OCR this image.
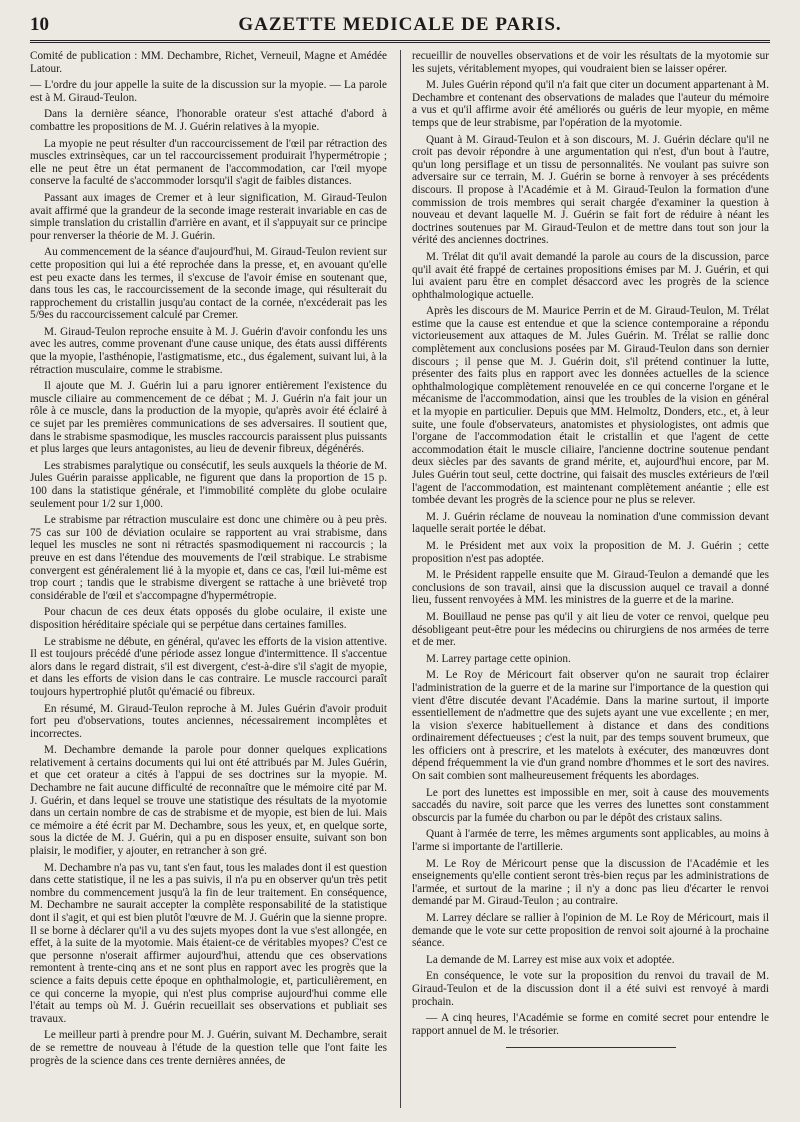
10	GAZETTE MEDICALE DE PARIS.

Comité de publication : MM. Dechambre, Richet, Verneuil, Magne et Amédée Latour.

— L'ordre du jour appelle la suite de la discussion sur la myopie. — La parole est à M. Giraud-Teulon.

Dans la dernière séance, l'honorable orateur s'est attaché d'abord à combattre les propositions de M. J. Guérin relatives à la myopie.

La myopie ne peut résulter d'un raccourcissement de l'œil par rétraction des muscles extrinsèques, car un tel raccourcissement produirait l'hypermétropie ; elle ne peut être un état permanent de l'accommodation, car l'œil myope conserve la faculté de s'accommoder lorsqu'il s'agit de faibles distances.

Passant aux images de Cremer et à leur signification, M. Giraud-Teulon avait affirmé que la grandeur de la seconde image resterait invariable en cas de simple translation du cristallin d'arrière en avant, et il s'appuyait sur ce principe pour renverser la théorie de M. J. Guérin.

Au commencement de la séance d'aujourd'hui, M. Giraud-Teulon revient sur cette proposition qui lui a été reprochée dans la presse, et, en avouant qu'elle est peu exacte dans les termes, il s'excuse de l'avoir émise en soutenant que, dans tous les cas, le raccourcissement de la seconde image, qui résulterait du rapprochement du cristallin jusqu'au contact de la cornée, n'excéderait pas les 5/9es du raccourcissement calculé par Cremer.

M. Giraud-Teulon reproche ensuite à M. J. Guérin d'avoir confondu les uns avec les autres, comme provenant d'une cause unique, des états aussi différents que la myopie, l'asthénopie, l'astigmatisme, etc., dus également, suivant lui, à la rétraction musculaire, comme le strabisme.

Il ajoute que M. J. Guérin lui a paru ignorer entièrement l'existence du muscle ciliaire au commencement de ce débat ; M. J. Guérin n'a fait jour un rôle à ce muscle, dans la production de la myopie, qu'après avoir été éclairé à ce sujet par les premières communications de ses adversaires. Il soutient que, dans le strabisme spasmodique, les muscles raccourcis paraissent plus puissants et plus larges que leurs antagonistes, au lieu de devenir fibreux, dégénérés.

Les strabismes paralytique ou consécutif, les seuls auxquels la théorie de M. Jules Guérin paraisse applicable, ne figurent que dans la proportion de 15 p. 100 dans la statistique générale, et l'immobilité complète du globe oculaire seulement pour 1/2 sur 1,000.

Le strabisme par rétraction musculaire est donc une chimère ou à peu près. 75 cas sur 100 de déviation oculaire se rapportent au vrai strabisme, dans lequel les muscles ne sont ni rétractés spasmodiquement ni raccourcis ; la preuve en est dans l'étendue des mouvements de l'œil strabique. Le strabisme convergent est généralement lié à la myopie et, dans ce cas, l'œil lui-même est trop court ; tandis que le strabisme divergent se rattache à une brièveté trop considérable de l'œil et s'accompagne d'hypermétropie.

Pour chacun de ces deux états opposés du globe oculaire, il existe une disposition héréditaire spéciale qui se perpétue dans certaines familles.

Le strabisme ne débute, en général, qu'avec les efforts de la vision attentive. Il est toujours précédé d'une période assez longue d'intermittence. Il s'accentue alors dans le regard distrait, s'il est divergent, c'est-à-dire s'il s'agit de myopie, et dans les efforts de vision dans le cas contraire. Le muscle raccourci paraît toujours hypertrophié plutôt qu'émacié ou fibreux.

En résumé, M. Giraud-Teulon reproche à M. Jules Guérin d'avoir produit fort peu d'observations, toutes anciennes, nécessairement incomplètes et incorrectes.

M. Dechambre demande la parole pour donner quelques explications relativement à certains documents qui lui ont été attribués par M. Jules Guérin, et que cet orateur a cités à l'appui de ses doctrines sur la myopie. M. Dechambre ne fait aucune difficulté de reconnaître que le mémoire cité par M. J. Guérin, et dans lequel se trouve une statistique des résultats de la myotomie dans un certain nombre de cas de strabisme et de myopie, est bien de lui. Mais ce mémoire a été écrit par M. Dechambre, sous les yeux, et, en quelque sorte, sous la dictée de M. J. Guérin, qui a pu en disposer ensuite, suivant son bon plaisir, le modifier, y ajouter, en retrancher à son gré.

M. Dechambre n'a pas vu, tant s'en faut, tous les malades dont il est question dans cette statistique, il ne les a pas suivis, il n'a pu en observer qu'un très petit nombre du commencement jusqu'à la fin de leur traitement. En conséquence, M. Dechambre ne saurait accepter la complète responsabilité de la statistique dont il s'agit, et qui est bien plutôt l'œuvre de M. J. Guérin que la sienne propre. Il se borne à déclarer qu'il a vu des sujets myopes dont la vue s'est allongée, en effet, à la suite de la myotomie. Mais étaient-ce de véritables myopes? C'est ce que personne n'oserait affirmer aujourd'hui, attendu que ces observations remontent à trente-cinq ans et ne sont plus en rapport avec les progrès que la science a faits depuis cette époque en ophthalmologie, et, particulièrement, en ce qui concerne la myopie, qui n'est plus comprise aujourd'hui comme elle l'était au temps où M. J. Guérin recueillait ses observations et publiait ses travaux.

Le meilleur parti à prendre pour M. J. Guérin, suivant M. Dechambre, serait de se remettre de nouveau à l'étude de la question telle que l'ont faite les progrès de la science dans ces trente dernières années, de

recueillir de nouvelles observations et de voir les résultats de la myotomie sur les sujets, véritablement myopes, qui voudraient bien se laisser opérer.

M. Jules Guérin répond qu'il n'a fait que citer un document appartenant à M. Dechambre et contenant des observations de malades que l'auteur du mémoire a vus et qu'il affirme avoir été améliorés ou guéris de leur myopie, en même temps que de leur strabisme, par l'opération de la myotomie.

Quant à M. Giraud-Teulon et à son discours, M. J. Guérin déclare qu'il ne croit pas devoir répondre à une argumentation qui n'est, d'un bout à l'autre, qu'un long persiflage et un tissu de personnalités. Ne voulant pas suivre son adversaire sur ce terrain, M. J. Guérin se borne à renvoyer à ses précédents discours. Il propose à l'Académie et à M. Giraud-Teulon la formation d'une commission de trois membres qui serait chargée d'examiner la question à nouveau et devant laquelle M. J. Guérin se fait fort de réduire à néant les doctrines soutenues par M. Giraud-Teulon et de mettre dans tout son jour la vérité des anciennes doctrines.

M. Trélat dit qu'il avait demandé la parole au cours de la discussion, parce qu'il avait été frappé de certaines propositions émises par M. J. Guérin, et qui lui avaient paru être en complet désaccord avec les progrès de la science ophthalmologique actuelle.

Après les discours de M. Maurice Perrin et de M. Giraud-Teulon, M. Trélat estime que la cause est entendue et que la science contemporaine a répondu victorieusement aux attaques de M. Jules Guérin. M. Trélat se rallie donc complètement aux conclusions posées par M. Giraud-Teulon dans son dernier discours ; il pense que M. J. Guérin doit, s'il prétend continuer la lutte, présenter des faits plus en rapport avec les données actuelles de la science ophthalmologique complètement renouvelée en ce qui concerne l'organe et le mécanisme de l'accommodation, ainsi que les troubles de la vision en général et la myopie en particulier. Depuis que MM. Helmoltz, Donders, etc., et, à leur suite, une foule d'observateurs, anatomistes et physiologistes, ont admis que l'organe de l'accommodation était le cristallin et que l'agent de cette accommodation était le muscle ciliaire, l'ancienne doctrine soutenue pendant deux siècles par des savants de grand mérite, et, aujourd'hui encore, par M. Jules Guérin tout seul, cette doctrine, qui faisait des muscles extérieurs de l'œil l'agent de l'accommodation, est maintenant complètement anéantie ; elle est tombée devant les progrès de la science pour ne plus se relever.

M. J. Guérin réclame de nouveau la nomination d'une commission devant laquelle serait portée le débat.

M. le Président met aux voix la proposition de M. J. Guérin ; cette proposition n'est pas adoptée.

M. le Président rappelle ensuite que M. Giraud-Teulon a demandé que les conclusions de son travail, ainsi que la discussion auquel ce travail a donné lieu, fussent renvoyées à MM. les ministres de la guerre et de la marine.

M. Bouillaud ne pense pas qu'il y ait lieu de voter ce renvoi, quelque peu désobligeant peut-être pour les médecins ou chirurgiens de nos armées de terre et de mer.

M. Larrey partage cette opinion.

M. Le Roy de Méricourt fait observer qu'on ne saurait trop éclairer l'administration de la guerre et de la marine sur l'importance de la question qui vient d'être discutée devant l'Académie. Dans la marine surtout, il importe essentiellement de n'admettre que des sujets ayant une vue excellente ; en mer, la vision s'exerce habituellement à distance et dans des conditions ordinairement défectueuses ; c'est la nuit, par des temps souvent brumeux, que les officiers ont à prescrire, et les matelots à exécuter, des manœuvres dont dépend fréquemment la vie d'un grand nombre d'hommes et le sort des navires. On sait combien sont malheureusement fréquents les abordages.

Le port des lunettes est impossible en mer, soit à cause des mouvements saccadés du navire, soit parce que les verres des lunettes sont constamment obscurcis par la fumée du charbon ou par le dépôt des cristaux salins.

Quant à l'armée de terre, les mêmes arguments sont applicables, au moins à l'arme si importante de l'artillerie.

M. Le Roy de Méricourt pense que la discussion de l'Académie et les enseignements qu'elle contient seront très-bien reçus par les administrations de l'armée, et surtout de la marine ; il n'y a donc pas lieu d'écarter le renvoi demandé par M. Giraud-Teulon ; au contraire.

M. Larrey déclare se rallier à l'opinion de M. Le Roy de Méricourt, mais il demande que le vote sur cette proposition de renvoi soit ajourné à la prochaine séance.

La demande de M. Larrey est mise aux voix et adoptée.

En conséquence, le vote sur la proposition du renvoi du travail de M. Giraud-Teulon et de la discussion dont il a été suivi est renvoyé à mardi prochain.

— A cinq heures, l'Académie se forme en comité secret pour entendre le rapport annuel de M. le trésorier.
